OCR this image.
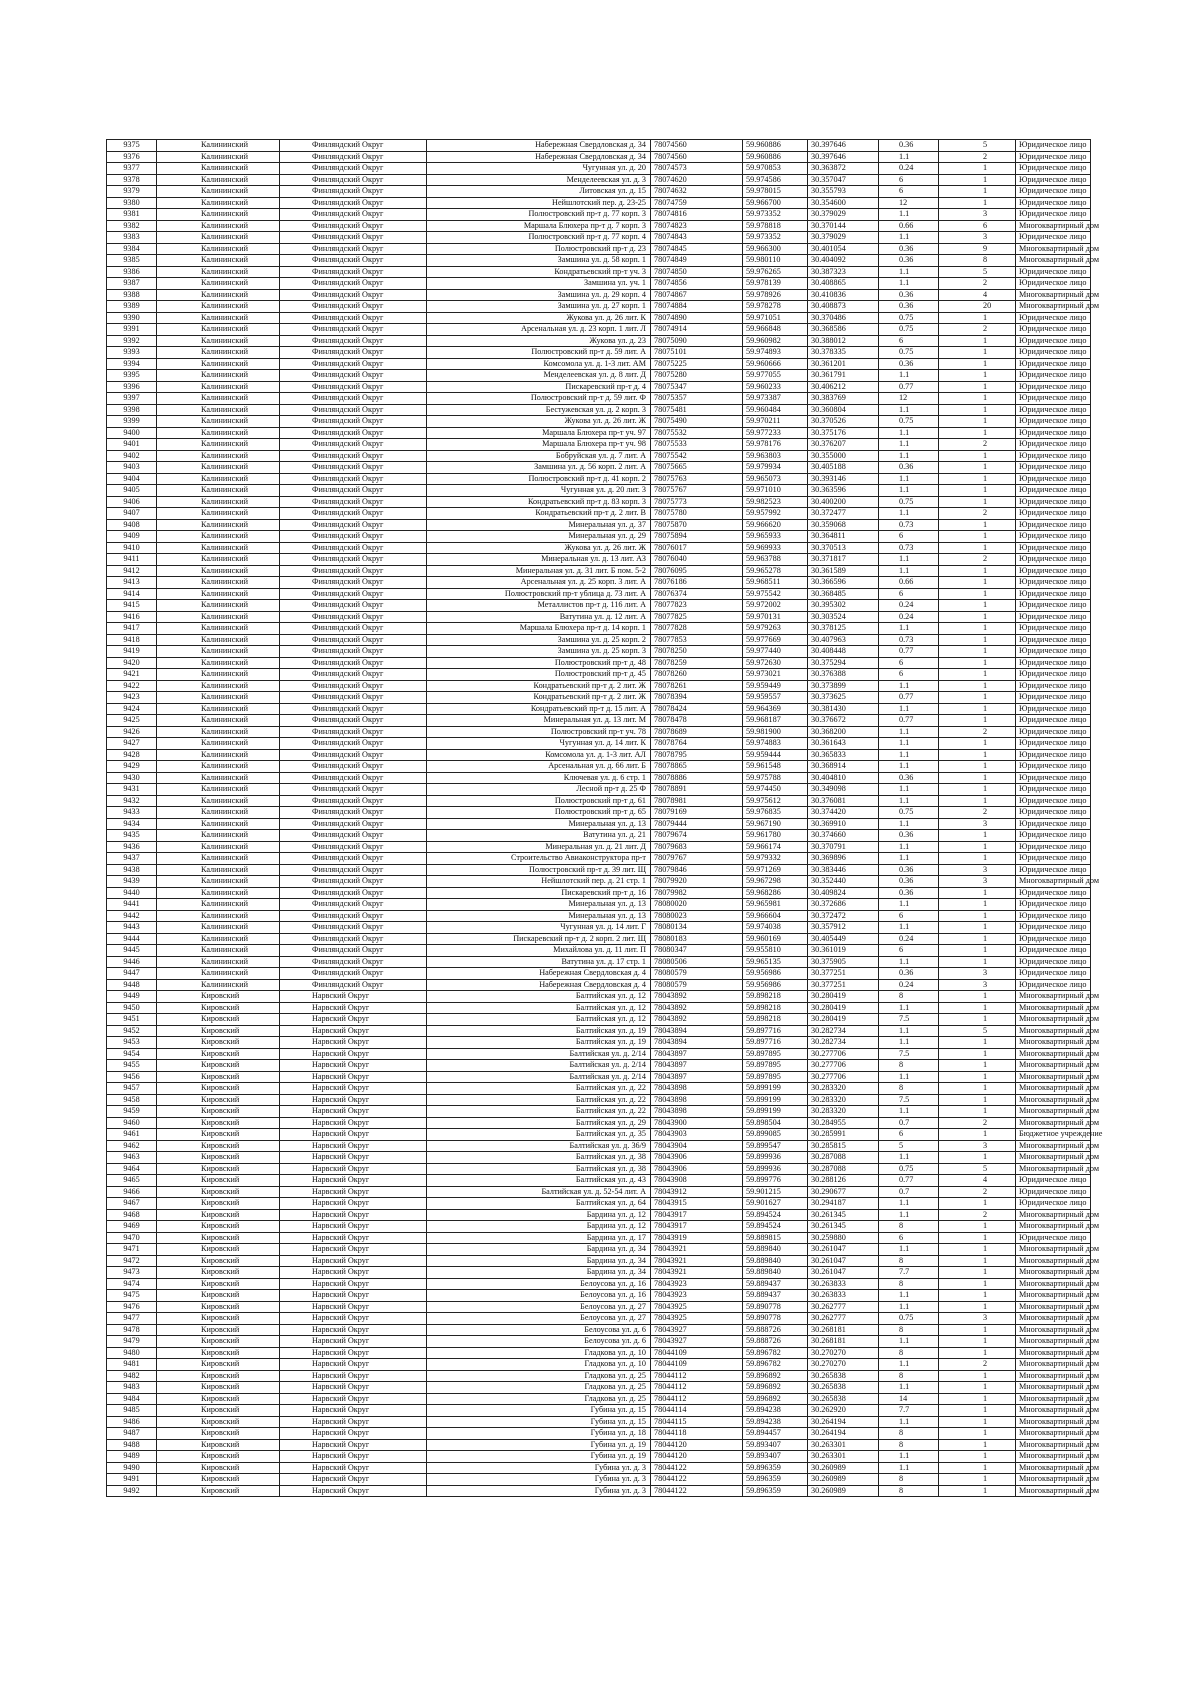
9375	Калининский	Финляндский Округ	Набережная Свердловская д. 34	78074560	59.960886	30.397646	0.36	5	Юридическое лицо
9376	Калининский	Финляндский Округ	Набережная Свердловская д. 34	78074560	59.960886	30.397646	1.1	2	Юридическое лицо
9377	Калининский	Финляндский Округ	Чугунная ул. д. 20	78074573	59.970853	30.363872	0.24	1	Юридическое лицо
9378	Калининский	Финляндский Округ	Менделеевская ул. д. 3	78074620	59.974586	30.357047	6	1	Юридическое лицо
9379	Калининский	Финляндский Округ	Литовская ул. д. 15	78074632	59.978015	30.355793	6	1	Юридическое лицо
9380	Калининский	Финляндский Округ	Нейшлотский пер. д. 23-25	78074759	59.966700	30.354600	12	1	Юридическое лицо
9381	Калининский	Финляндский Округ	Полюстровский пр-т д. 77 корп. 3	78074816	59.973352	30.379029	1.1	3	Юридическое лицо
9382	Калининский	Финляндский Округ	Маршала Блюхера пр-т д. 7 корп. 3	78074823	59.978818	30.370144	0.66	6	Многоквартирный дом
9383	Калининский	Финляндский Округ	Полюстровский пр-т д. 77 корп. 4	78074843	59.973352	30.379029	1.1	3	Юридическое лицо
9384	Калининский	Финляндский Округ	Полюстровский пр-т д. 23	78074845	59.966300	30.401054	0.36	9	Многоквартирный дом
9385	Калининский	Финляндский Округ	Замшина ул. д. 58 корп. 1	78074849	59.980110	30.404092	0.36	8	Многоквартирный дом
9386	Калининский	Финляндский Округ	Кондратьевский пр-т уч. 3	78074850	59.976265	30.387323	1.1	5	Юридическое лицо
9387	Калининский	Финляндский Округ	Замшина ул. уч. 1	78074856	59.978139	30.408865	1.1	2	Юридическое лицо
9388	Калининский	Финляндский Округ	Замшина ул. д. 29 корп. 4	78074867	59.978926	30.410836	0.36	4	Многоквартирный дом
9389	Калининский	Финляндский Округ	Замшина ул. д. 27 корп. 1	78074884	59.978278	30.408873	0.36	20	Многоквартирный дом
9390	Калининский	Финляндский Округ	Жукова ул. д. 26 лит. К	78074890	59.971051	30.370486	0.75	1	Юридическое лицо
9391	Калининский	Финляндский Округ	Арсенальная ул. д. 23 корп. 1 лит. Л	78074914	59.966848	30.368586	0.75	2	Юридическое лицо
9392	Калининский	Финляндский Округ	Жукова ул. д. 23	78075090	59.960982	30.388012	6	1	Юридическое лицо
9393	Калининский	Финляндский Округ	Полюстровский пр-т д. 59 лит. А	78075101	59.974893	30.378335	0.75	1	Юридическое лицо
9394	Калининский	Финляндский Округ	Комсомола ул. д. 1-3 лит. АМ	78075225	59.960666	30.361201	0.36	1	Юридическое лицо
9395	Калининский	Финляндский Округ	Менделеевская ул. д. 8 лит. Д	78075280	59.977055	30.361791	1.1	1	Юридическое лицо
9396	Калининский	Финляндский Округ	Пискаревский пр-т д. 4	78075347	59.960233	30.406212	0.77	1	Юридическое лицо
9397	Калининский	Финляндский Округ	Полюстровский пр-т д. 59 лит. Ф	78075357	59.973387	30.383769	12	1	Юридическое лицо
9398	Калининский	Финляндский Округ	Бестужевская ул. д. 2 корп. 3	78075481	59.960484	30.360804	1.1	1	Юридическое лицо
9399	Калининский	Финляндский Округ	Жукова ул. д. 26 лит. Ж	78075490	59.970211	30.370526	0.75	1	Юридическое лицо
9400	Калининский	Финляндский Округ	Маршала Блюхера пр-т уч. 97	78075532	59.977233	30.375176	1.1	1	Юридическое лицо
9401	Калининский	Финляндский Округ	Маршала Блюхера пр-т уч. 98	78075533	59.978176	30.376207	1.1	2	Юридическое лицо
9402	Калининский	Финляндский Округ	Бобруйская ул. д. 7 лит. А	78075542	59.963803	30.355000	1.1	1	Юридическое лицо
9403	Калининский	Финляндский Округ	Замшина ул. д. 56 корп. 2 лит. А	78075665	59.979934	30.405188	0.36	1	Юридическое лицо
9404	Калининский	Финляндский Округ	Полюстровский пр-т д. 41 корп. 2	78075763	59.965073	30.393146	1.1	1	Юридическое лицо
9405	Калининский	Финляндский Округ	Чугунная ул. д. 20 лит. 3	78075767	59.971010	30.363596	1.1	1	Юридическое лицо
9406	Калининский	Финляндский Округ	Кондратьевский пр-т д. 83 корп. 3	78075773	59.982523	30.400200	0.75	1	Юридическое лицо
9407	Калининский	Финляндский Округ	Кондратьевский пр-т д. 2 лит. В	78075780	59.957992	30.372477	1.1	2	Юридическое лицо
9408	Калининский	Финляндский Округ	Минеральная ул. д. 37	78075870	59.966620	30.359068	0.73	1	Юридическое лицо
9409	Калининский	Финляндский Округ	Минеральная ул. д. 29	78075894	59.965933	30.364811	6	1	Юридическое лицо
9410	Калининский	Финляндский Округ	Жукова ул. д. 26 лит. Ж	78076017	59.969933	30.370513	0.73	1	Юридическое лицо
9411	Калининский	Финляндский Округ	Минеральная ул. д. 13 лит. АЗ	78076040	59.963788	30.371817	1.1	2	Юридическое лицо
9412	Калининский	Финляндский Округ	Минеральная ул. д. 31 лит. Б пом. 5-2	78076095	59.965278	30.361589	1.1	1	Юридическое лицо
9413	Калининский	Финляндский Округ	Арсенальная ул. д. 25 корп. 3 лит. А	78076186	59.968511	30.366596	0.66	1	Юридическое лицо
9414	Калининский	Финляндский Округ	Полюстровский пр-т ублица д. 73 лит. А	78076374	59.975542	30.368485	6	1	Юридическое лицо
9415	Калининский	Финляндский Округ	Металлистов пр-т д. 116 лит. А	78077823	59.972002	30.395302	0.24	1	Юридическое лицо
9416	Калининский	Финляндский Округ	Ватутина ул. д. 12 лит. А	78077825	59.970131	30.303524	0.24	1	Юридическое лицо
9417	Калининский	Финляндский Округ	Маршала Блюхера пр-т д. 14 корп. 1	78077828	59.979263	30.378125	1.1	1	Юридическое лицо
9418	Калининский	Финляндский Округ	Замшина ул. д. 25 корп. 2	78077853	59.977669	30.407963	0.73	1	Юридическое лицо
9419	Калининский	Финляндский Округ	Замшина ул. д. 25 корп. 3	78078250	59.977440	30.408448	0.77	1	Юридическое лицо
9420	Калининский	Финляндский Округ	Полюстровский пр-т д. 48	78078259	59.972630	30.375294	6	1	Юридическое лицо
9421	Калининский	Финляндский Округ	Полюстровский пр-т д. 45	78078260	59.973021	30.376388	6	1	Юридическое лицо
9422	Калининский	Финляндский Округ	Кондратьевский пр-т д. 2 лит. Ж	78078261	59.959449	30.373899	1.1	1	Юридическое лицо
9423	Калининский	Финляндский Округ	Кондратьевский пр-т д. 2 лит. Ж	78078394	59.959557	30.373625	0.77	1	Юридическое лицо
9424	Калининский	Финляндский Округ	Кондратьевский пр-т д. 15 лит. А	78078424	59.964369	30.381430	1.1	1	Юридическое лицо
9425	Калининский	Финляндский Округ	Минеральная ул. д. 13 лит. М	78078478	59.968187	30.376672	0.77	1	Юридическое лицо
9426	Калининский	Финляндский Округ	Полюстровский пр-т уч. 78	78078689	59.981900	30.368200	1.1	2	Юридическое лицо
9427	Калининский	Финляндский Округ	Чугунная ул. д. 14 лит. К	78078764	59.974883	30.361643	1.1	1	Юридическое лицо
9428	Калининский	Финляндский Округ	Комсомола ул. д. 1-3 лит. АЛ	78078795	59.959444	30.365833	1.1	1	Юридическое лицо
9429	Калининский	Финляндский Округ	Арсенальная ул. д. 66 лит. Б	78078865	59.961548	30.368914	1.1	1	Юридическое лицо
9430	Калининский	Финляндский Округ	Ключевая ул. д. 6 стр. 1	78078886	59.975788	30.404810	0.36	1	Юридическое лицо
9431	Калининский	Финляндский Округ	Лесной пр-т д. 25 Ф	78078891	59.974450	30.349098	1.1	1	Юридическое лицо
9432	Калининский	Финляндский Округ	Полюстровский пр-т д. 61	78078981	59.975612	30.376081	1.1	1	Юридическое лицо
9433	Калининский	Финляндский Округ	Полюстровский пр-т д. 65	78079169	59.976835	30.374420	0.75	2	Юридическое лицо
9434	Калининский	Финляндский Округ	Минеральная ул. д. 13	78079444	59.967190	30.369910	1.1	3	Юридическое лицо
9435	Калининский	Финляндский Округ	Ватутина ул. д. 21	78079674	59.961780	30.374660	0.36	1	Юридическое лицо
9436	Калининский	Финляндский Округ	Минеральная ул. д. 21 лит. Д	78079683	59.966174	30.370791	1.1	1	Юридическое лицо
9437	Калининский	Финляндский Округ	Строительство Авиаконструктора пр-т	78079767	59.979332	30.369896	1.1	1	Юридическое лицо
9438	Калининский	Финляндский Округ	Полюстровский пр-т д. 39 лит. Щ	78079846	59.971269	30.383446	0.36	3	Юридическое лицо
9439	Калининский	Финляндский Округ	Нейшлотский пер. д. 21 стр. 1	78079920	59.967298	30.352440	0.36	3	Многоквартирный дом
9440	Калининский	Финляндский Округ	Пискаревский пр-т д. 16	78079982	59.968286	30.409824	0.36	1	Юридическое лицо
9441	Калининский	Финляндский Округ	Минеральная ул. д. 13	78080020	59.965981	30.372686	1.1	1	Юридическое лицо
9442	Калининский	Финляндский Округ	Минеральная ул. д. 13	78080023	59.966604	30.372472	6	1	Юридическое лицо
9443	Калининский	Финляндский Округ	Чугунная ул. д. 14 лит. Г	78080134	59.974038	30.357912	1.1	1	Юридическое лицо
9444	Калининский	Финляндский Округ	Пискаревский пр-т д. 2 корп. 2 лит. Щ	78080183	59.960169	30.405449	0.24	1	Юридическое лицо
9445	Калининский	Финляндский Округ	Михайлова ул. д. 11 лит. П	78080347	59.955810	30.361019	6	1	Юридическое лицо
9446	Калининский	Финляндский Округ	Ватутина ул. д. 17 стр. 1	78080506	59.965135	30.375905	1.1	1	Юридическое лицо
9447	Калининский	Финляндский Округ	Набережная Свердловская д. 4	78080579	59.956986	30.377251	0.36	3	Юридическое лицо
9448	Калининский	Финляндский Округ	Набережная Свердловская д. 4	78080579	59.956986	30.377251	0.24	3	Юридическое лицо
9449	Кировский	Нарвский Округ	Балтийская ул. д. 12	78043892	59.898218	30.280419	8	1	Многоквартирный дом
9450	Кировский	Нарвский Округ	Балтийская ул. д. 12	78043892	59.898218	30.280419	1.1	1	Многоквартирный дом
9451	Кировский	Нарвский Округ	Балтийская ул. д. 12	78043892	59.898218	30.280419	7.5	1	Многоквартирный дом
9452	Кировский	Нарвский Округ	Балтийская ул. д. 19	78043894	59.897716	30.282734	1.1	5	Многоквартирный дом
9453	Кировский	Нарвский Округ	Балтийская ул. д. 19	78043894	59.897716	30.282734	1.1	1	Многоквартирный дом
9454	Кировский	Нарвский Округ	Балтийская ул. д. 2/14	78043897	59.897895	30.277706	7.5	1	Многоквартирный дом
9455	Кировский	Нарвский Округ	Балтийская ул. д. 2/14	78043897	59.897895	30.277706	8	1	Многоквартирный дом
9456	Кировский	Нарвский Округ	Балтийская ул. д. 2/14	78043897	59.897895	30.277706	1.1	1	Многоквартирный дом
9457	Кировский	Нарвский Округ	Балтийская ул. д. 22	78043898	59.899199	30.283320	8	1	Многоквартирный дом
9458	Кировский	Нарвский Округ	Балтийская ул. д. 22	78043898	59.899199	30.283320	7.5	1	Многоквартирный дом
9459	Кировский	Нарвский Округ	Балтийская ул. д. 22	78043898	59.899199	30.283320	1.1	1	Многоквартирный дом
9460	Кировский	Нарвский Округ	Балтийская ул. д. 29	78043900	59.898504	30.284955	0.7	2	Многоквартирный дом
9461	Кировский	Нарвский Округ	Балтийская ул. д. 35	78043903	59.899085	30.285991	6	1	Бюджетное учреждение
9462	Кировский	Нарвский Округ	Балтийская ул. д. 36/9	78043904	59.899547	30.285815	5	3	Многоквартирный дом
9463	Кировский	Нарвский Округ	Балтийская ул. д. 38	78043906	59.899936	30.287088	1.1	1	Многоквартирный дом
9464	Кировский	Нарвский Округ	Балтийская ул. д. 38	78043906	59.899936	30.287088	0.75	5	Многоквартирный дом
9465	Кировский	Нарвский Округ	Балтийская ул. д. 43	78043908	59.899776	30.288126	0.77	4	Юридическое лицо
9466	Кировский	Нарвский Округ	Балтийская ул. д. 52-54 лит. А	78043912	59.901215	30.290677	0.7	2	Юридическое лицо
9467	Кировский	Нарвский Округ	Балтийская ул. д. 64	78043915	59.901627	30.294187	1.1	1	Юридическое лицо
9468	Кировский	Нарвский Округ	Бардина ул. д. 12	78043917	59.894524	30.261345	1.1	2	Многоквартирный дом
9469	Кировский	Нарвский Округ	Бардина ул. д. 12	78043917	59.894524	30.261345	8	1	Многоквартирный дом
9470	Кировский	Нарвский Округ	Бардина ул. д. 17	78043919	59.889815	30.259880	6	1	Юридическое лицо
9471	Кировский	Нарвский Округ	Бардина ул. д. 34	78043921	59.889840	30.261047	1.1	1	Многоквартирный дом
9472	Кировский	Нарвский Округ	Бардина ул. д. 34	78043921	59.889840	30.261047	8	1	Многоквартирный дом
9473	Кировский	Нарвский Округ	Бардина ул. д. 34	78043921	59.889840	30.261047	7.7	1	Многоквартирный дом
9474	Кировский	Нарвский Округ	Белоусова ул. д. 16	78043923	59.889437	30.263833	8	1	Многоквартирный дом
9475	Кировский	Нарвский Округ	Белоусова ул. д. 16	78043923	59.889437	30.263833	1.1	1	Многоквартирный дом
9476	Кировский	Нарвский Округ	Белоусова ул. д. 27	78043925	59.890778	30.262777	1.1	1	Многоквартирный дом
9477	Кировский	Нарвский Округ	Белоусова ул. д. 27	78043925	59.890778	30.262777	0.75	3	Многоквартирный дом
9478	Кировский	Нарвский Округ	Белоусова ул. д. 6	78043927	59.888726	30.268181	8	1	Многоквартирный дом
9479	Кировский	Нарвский Округ	Белоусова ул. д. 6	78043927	59.888726	30.268181	1.1	1	Многоквартирный дом
9480	Кировский	Нарвский Округ	Гладкова ул. д. 10	78044109	59.896782	30.270270	8	1	Многоквартирный дом
9481	Кировский	Нарвский Округ	Гладкова ул. д. 10	78044109	59.896782	30.270270	1.1	2	Многоквартирный дом
9482	Кировский	Нарвский Округ	Гладкова ул. д. 25	78044112	59.896892	30.265838	8	1	Многоквартирный дом
9483	Кировский	Нарвский Округ	Гладкова ул. д. 25	78044112	59.896892	30.265838	1.1	1	Многоквартирный дом
9484	Кировский	Нарвский Округ	Гладкова ул. д. 25	78044112	59.896892	30.265838	14	1	Многоквартирный дом
9485	Кировский	Нарвский Округ	Губина ул. д. 15	78044114	59.894238	30.262920	7.7	1	Многоквартирный дом
9486	Кировский	Нарвский Округ	Губина ул. д. 15	78044115	59.894238	30.264194	1.1	1	Многоквартирный дом
9487	Кировский	Нарвский Округ	Губина ул. д. 18	78044118	59.894457	30.264194	8	1	Многоквартирный дом
9488	Кировский	Нарвский Округ	Губина ул. д. 19	78044120	59.893407	30.263301	8	1	Многоквартирный дом
9489	Кировский	Нарвский Округ	Губина ул. д. 19	78044120	59.893407	30.263301	1.1	1	Многоквартирный дом
9490	Кировский	Нарвский Округ	Губина ул. д. 3	78044122	59.896359	30.260989	1.1	1	Многоквартирный дом
9491	Кировский	Нарвский Округ	Губина ул. д. 3	78044122	59.896359	30.260989	8	1	Многоквартирный дом
9492	Кировский	Нарвский Округ	Губина ул. д. 3	78044122	59.896359	30.260989	8	1	Многоквартирный дом
